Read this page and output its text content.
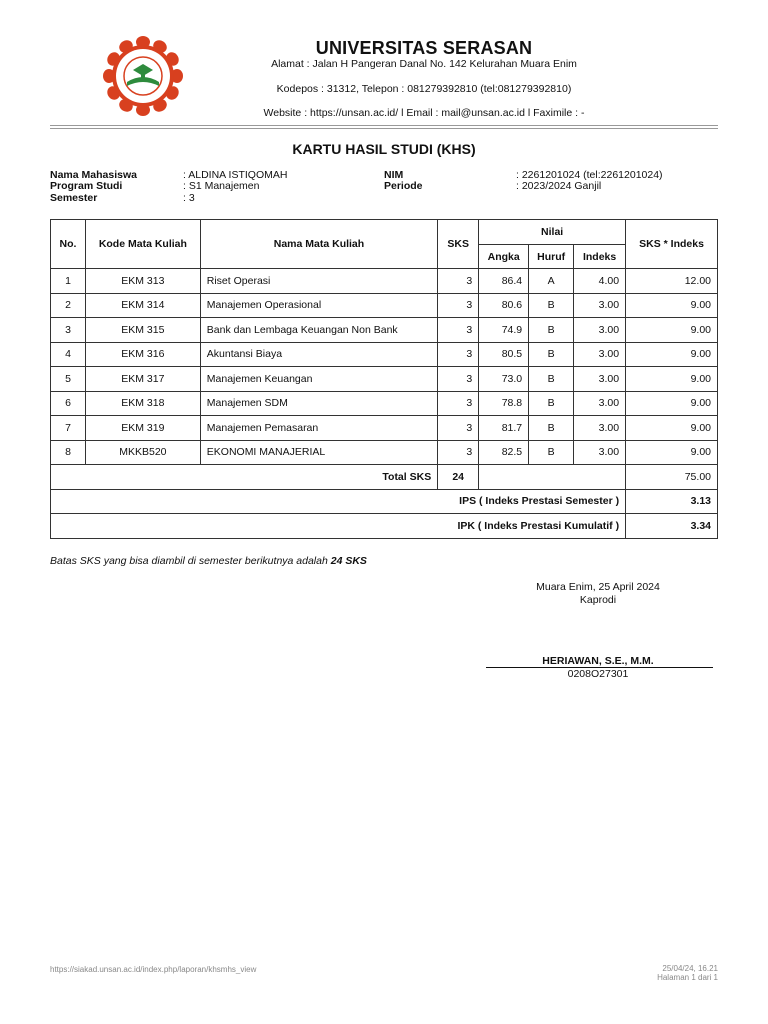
UNIVERSITAS SERASAN
Alamat : Jalan H Pangeran Danal No. 142 Kelurahan Muara Enim
Kodepos : 31312, Telepon : 081279392810 (tel:081279392810)
Website : https://unsan.ac.id/ l Email : mail@unsan.ac.id l Faximile : -
KARTU HASIL STUDI (KHS)
Nama Mahasiswa	: ALDINA ISTIQOMAH
Program Studi	: S1 Manajemen
Semester	: 3
NIM	: 2261201024 (tel:2261201024)
Periode	: 2023/2024 Ganjil
No.	Kode Mata Kuliah	Nama Mata Kuliah	SKS	Nilai			SKS * Indeks
				Angka	Huruf	Indeks	
1	EKM 313	Riset Operasi	3	86.4	A	4.00	12.00
2	EKM 314	Manajemen Operasional	3	80.6	B	3.00	9.00
3	EKM 315	Bank dan Lembaga Keuangan Non Bank	3	74.9	B	3.00	9.00
4	EKM 316	Akuntansi Biaya	3	80.5	B	3.00	9.00
5	EKM 317	Manajemen Keuangan	3	73.0	B	3.00	9.00
6	EKM 318	Manajemen SDM	3	78.8	B	3.00	9.00
7	EKM 319	Manajemen Pemasaran	3	81.7	B	3.00	9.00
8	MKKB520	EKONOMI MANAJERIAL	3	82.5	B	3.00	9.00
Total SKS			24				75.00
IPS ( Indeks Prestasi Semester )							3.13
IPK ( Indeks Prestasi Kumulatif )							3.34
Batas SKS yang bisa diambil di semester berikutnya adalah 24 SKS
Muara Enim, 25 April 2024
Kaprodi
HERIAWAN, S.E., M.M.
0208O27301
https://siakad.unsan.ac.id/index.php/laporan/khsmhs_view	25/04/24, 16.21
Halaman 1 dari 1
